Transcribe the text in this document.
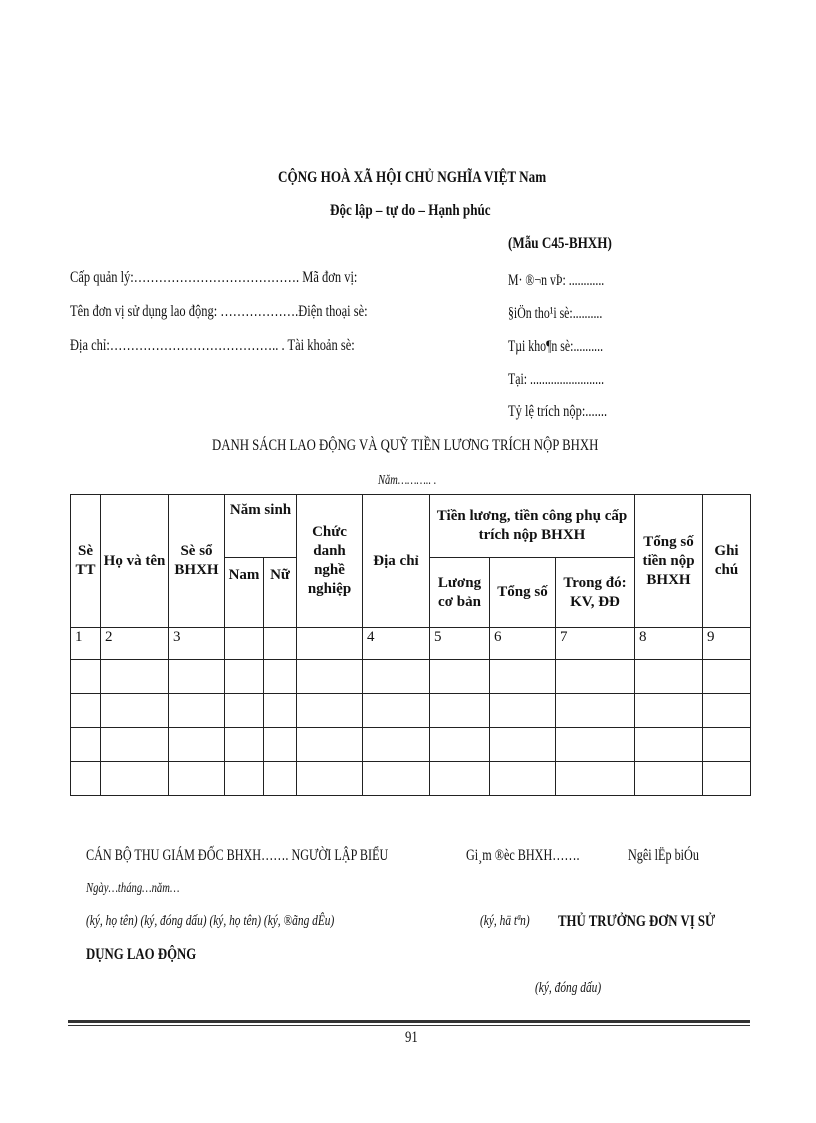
CỘNG HOÀ XÃ HỘI CHỦ NGHĨA VIỆT Nam
Độc lập – tự do – Hạnh phúc
(Mẫu C45-BHXH)
Cấp quản lý:…………………………………. Mã đơn vị:
Tên đơn vị sử dụng lao động: ……………….Điện thoại sè:
Địa chỉ:………………………………….. . Tài khoản sè:
M· ®¬n vÞ: ............
§iÖn tho¹i sè:..........
Tµi kho¶n sè:..........
Tại: .........................
Tỷ lệ trích nộp:.......
DANH SÁCH LAO ĐỘNG VÀ QUỸ TIỀN LƯƠNG TRÍCH NỘP BHXH
Năm……….. .
Sè TT	Họ và tên	Sè sổ BHXH	Năm sinh		Chức danh nghề nghiệp	Địa chỉ	Tiền lương, tiền công phụ cấp trích nộp BHXH			Tổng số tiền nộp BHXH	Ghi chú
			Nam	Nữ			Lương cơ bản	Tổng số	Trong đó: KV, ĐĐ		
1	2	3				4	5	6	7	8	9

CÁN BỘ THU GIÁM ĐỐC BHXH……. NGƯỜI LẬP BIỂU	Gi¸m ®èc BHXH…….	Ngêi lËp biÓu
Ngày…tháng…năm…
(ký, họ tên) (ký, đóng dấu) (ký, họ tên) (ký, ®ãng dÊu)	(ký, hä tªn)	THỦ TRƯỞNG ĐƠN VỊ SỬ
DỤNG LAO ĐỘNG
(ký, đóng dấu)
91
